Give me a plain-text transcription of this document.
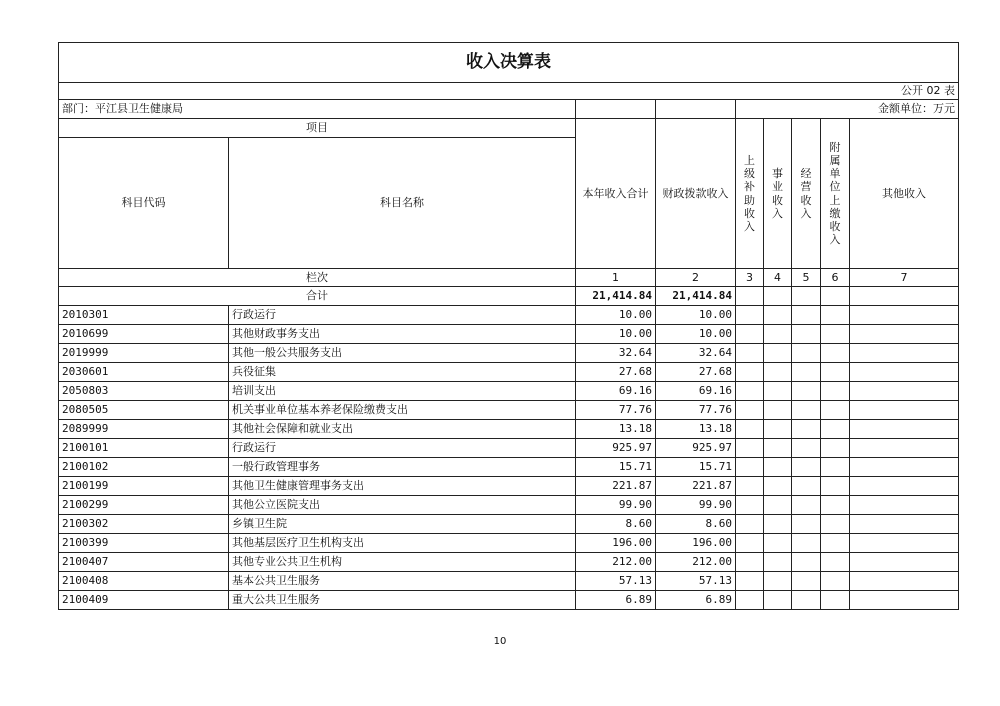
收入决算表								
公开 02 表								
部门：平江县卫生健康局				金额单位：万元				
项目		本年收入合计	财政拨款收入	上级补助收入	事业收入	经营收入	附属单位上缴收入	其他收入
科目代码	科目名称							
栏次		1	2	3	4	5	6	7
合计		21,414.84	21,414.84					
2010301	行政运行	10.00	10.00					
2010699	其他财政事务支出	10.00	10.00					
2019999	其他一般公共服务支出	32.64	32.64					
2030601	兵役征集	27.68	27.68					
2050803	培训支出	69.16	69.16					
2080505	机关事业单位基本养老保险缴费支出	77.76	77.76					
2089999	其他社会保障和就业支出	13.18	13.18					
2100101	行政运行	925.97	925.97					
2100102	一般行政管理事务	15.71	15.71					
2100199	其他卫生健康管理事务支出	221.87	221.87					
2100299	其他公立医院支出	99.90	99.90					
2100302	乡镇卫生院	8.60	8.60					
2100399	其他基层医疗卫生机构支出	196.00	196.00					
2100407	其他专业公共卫生机构	212.00	212.00					
2100408	基本公共卫生服务	57.13	57.13					
2100409	重大公共卫生服务	6.89	6.89					
10
